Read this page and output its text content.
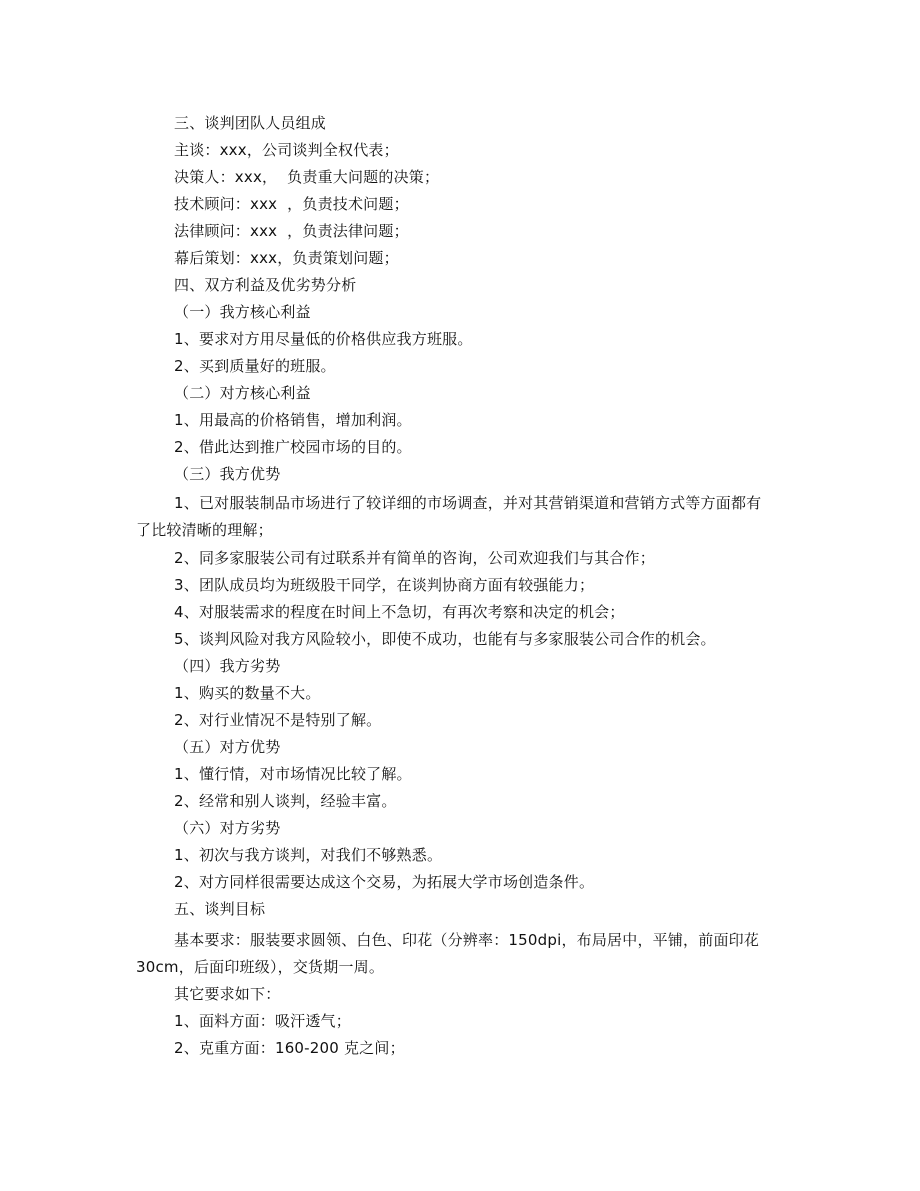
三、谈判团队人员组成
主谈：xxx，公司谈判全权代表；
决策人：xxx，  负责重大问题的决策；
技术顾问：xxx  ，负责技术问题；
法律顾问：xxx  ，负责法律问题；
幕后策划：xxx，负责策划问题；
四、双方利益及优劣势分析
（一）我方核心利益
1、要求对方用尽量低的价格供应我方班服。
2、买到质量好的班服。
（二）对方核心利益
1、用最高的价格销售，增加利润。
2、借此达到推广校园市场的目的。
（三）我方优势
1、已对服装制品市场进行了较详细的市场调查，并对其营销渠道和营销方式等方面都有
了比较清晰的理解；
2、同多家服装公司有过联系并有简单的咨询，公司欢迎我们与其合作；
3、团队成员均为班级股干同学，在谈判协商方面有较强能力；
4、对服装需求的程度在时间上不急切，有再次考察和决定的机会；
5、谈判风险对我方风险较小，即使不成功，也能有与多家服装公司合作的机会。
（四）我方劣势
1、购买的数量不大。
2、对行业情况不是特别了解。
（五）对方优势
1、懂行情，对市场情况比较了解。
2、经常和别人谈判，经验丰富。
（六）对方劣势
1、初次与我方谈判，对我们不够熟悉。
2、对方同样很需要达成这个交易，为拓展大学市场创造条件。
五、谈判目标
基本要求：服装要求圆领、白色、印花（分辨率：150dpi，布局居中，平铺，前面印花
30cm，后面印班级），交货期一周。
其它要求如下：
1、面料方面：吸汗透气；
2、克重方面：160-200 克之间；
